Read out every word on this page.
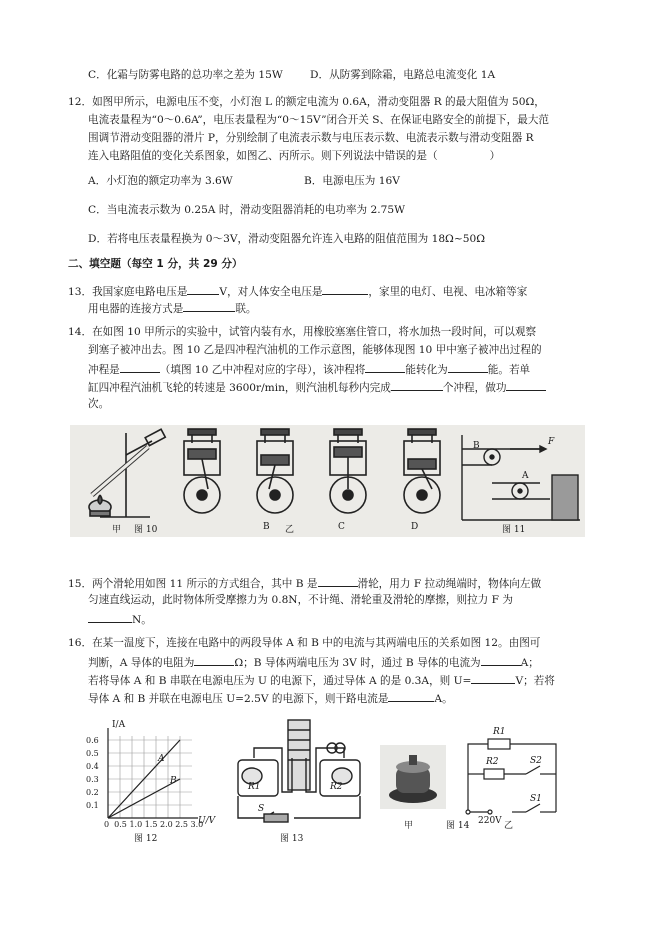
C．化霜与防雾电路的总功率之差为 15W	D．从防雾到除霜，电路总电流变化 1A
12．如图甲所示，电源电压不变，小灯泡 L 的额定电流为 0.6A，滑动变阻器 R 的最大阻值为 50Ω，
电流表量程为“0～0.6A”，电压表量程为“0～15V”闭合开关 S、在保证电路安全的前提下，最大范
围调节滑动变阻器的滑片 P，分别绘制了电流表示数与电压表示数、电流表示数与滑动变阻器 R
连入电路阻值的变化关系图象，如图乙、丙所示。则下列说法中错误的是（	）
A．小灯泡的额定功率为 3.6W	B．电源电压为 16V
C．当电流表示数为 0.25A 时，滑动变阻器消耗的电功率为 2.75W
D．若将电压表量程换为 0～3V，滑动变阻器允许连入电路的阻值范围为 18Ω~50Ω
二、填空题（每空 1 分，共 29 分）
13．我国家庭电路电压是	V，对人体安全电压是	，家里的电灯、电视、电冰箱等家
用电器的连接方式是	联。
14．在如图 10 甲所示的实验中，试管内装有水，用橡胶塞塞住管口，将水加热一段时间，可以观察
到塞子被冲出去。图 10 乙是四冲程汽油机的工作示意图，能够体现图 10 甲中塞子被冲出过程的
冲程是	（填图 10 乙中冲程对应的字母），该冲程将	能转化为	能。若单
缸四冲程汽油机飞轮的转速是 3600r/min，则汽油机每秒内完成	个冲程，做功
次。
甲 图 10	B 乙	C	D
B
A
F
图 11
15．两个滑轮用如图 11 所示的方式组合，其中 B 是	滑轮，用力 F 拉动绳端时，物体向左做
匀速直线运动，此时物体所受摩擦力为 0.8N，不计绳、滑轮重及滑轮的摩擦，则拉力 F 为
N。
16．在某一温度下，连接在电路中的两段导体 A 和 B 中的电流与其两端电压的关系如图 12。由图可
判断，A 导体的电阻为	Ω；B 导体两端电压为 3V 时，通过 B 导体的电流为	A；
若将导体 A 和 B 串联在电源电压为 U 的电源下，通过导体 A 的是 0.3A，则 U=	V；若将
导体 A 和 B 并联在电源电压 U=2.5V 的电源下，则干路电流是	A。
I/A
0.6
0.5
0.4
0.3
0.2
0.1
0  0.5 1.0 1.5 2.0 2.5 3.0
U/V
A
B
图 12
R1	R2
S
图 13
甲	图 14
R1
R2	S2
S1
220V 乙
